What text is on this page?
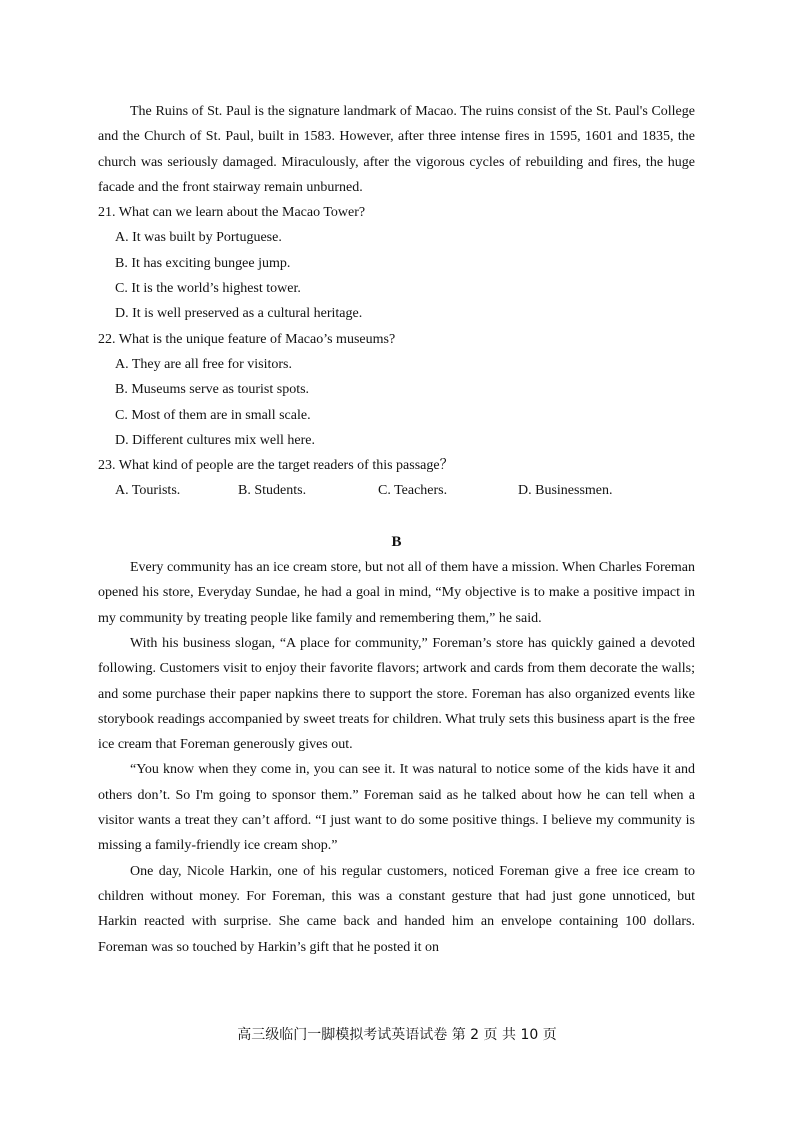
The Ruins of St. Paul is the signature landmark of Macao. The ruins consist of the St. Paul's College and the Church of St. Paul, built in 1583. However, after three intense fires in 1595, 1601 and 1835, the church was seriously damaged. Miraculously, after the vigorous cycles of rebuilding and fires, the huge facade and the front stairway remain unburned.

21. What can we learn about the Macao Tower?

A. It was built by Portuguese.

B. It has exciting bungee jump.

C. It is the world’s highest tower.

D. It is well preserved as a cultural heritage.

22. What is the unique feature of Macao’s museums?

A. They are all free for visitors.

B. Museums serve as tourist spots.

C. Most of them are in small scale.

D. Different cultures mix well here.

23. What kind of people are the target readers of this passage？

A. Tourists.	B. Students.	C. Teachers.	D. Businessmen.

B

Every community has an ice cream store, but not all of them have a mission. When Charles Foreman opened his store, Everyday Sundae, he had a goal in mind, “My objective is to make a positive impact in my community by treating people like family and remembering them,” he said.

With his business slogan, “A place for community,” Foreman’s store has quickly gained a devoted following. Customers visit to enjoy their favorite flavors; artwork and cards from them decorate the walls; and some purchase their paper napkins there to support the store. Foreman has also organized events like storybook readings accompanied by sweet treats for children. What truly sets this business apart is the free ice cream that Foreman generously gives out.

“You know when they come in, you can see it. It was natural to notice some of the kids have it and others don’t. So I'm going to sponsor them.” Foreman said as he talked about how he can tell when a visitor wants a treat they can’t afford. “I just want to do some positive things. I believe my community is missing a family-friendly ice cream shop.”

One day, Nicole Harkin, one of his regular customers, noticed Foreman give a free ice cream to children without money. For Foreman, this was a constant gesture that had just gone unnoticed, but Harkin reacted with surprise. She came back and handed him an envelope containing 100 dollars. Foreman was so touched by Harkin’s gift that he posted it on

高三级临门一脚模拟考试英语试卷 第 2 页 共 10 页
